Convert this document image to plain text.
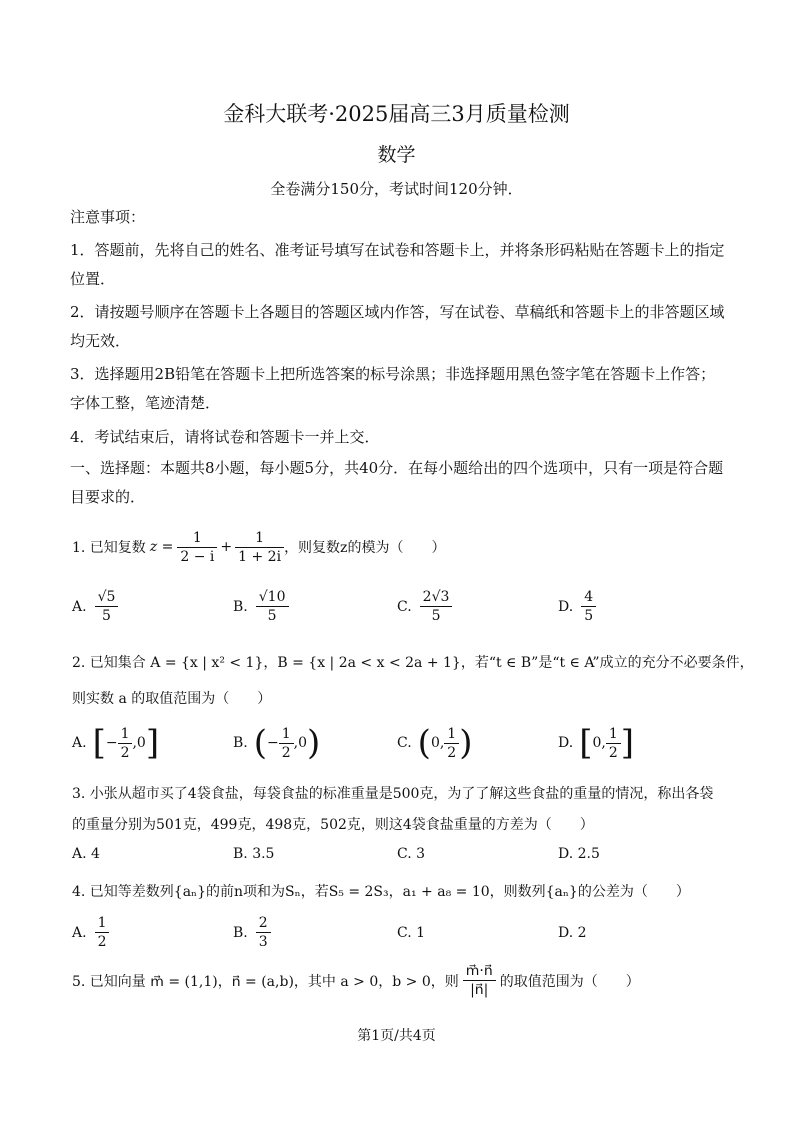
金科大联考·2025届高三3月质量检测
数学
全卷满分150分，考试时间120分钟．
注意事项：
1．答题前，先将自己的姓名、准考证号填写在试卷和答题卡上，并将条形码粘贴在答题卡上的指定位置．
2．请按题号顺序在答题卡上各题目的答题区域内作答，写在试卷、草稿纸和答题卡上的非答题区域均无效．
3．选择题用2B铅笔在答题卡上把所选答案的标号涂黑；非选择题用黑色签字笔在答题卡上作答；字体工整，笔迹清楚．
4．考试结束后，请将试卷和答题卡一并上交．
一、选择题：本题共8小题，每小题5分，共40分．在每小题给出的四个选项中，只有一项是符合题目要求的．
1. 已知复数 $z = \frac{1}{2 - i} + \frac{1}{1 + 2i}$ ，则复数z的模为（　　）
A. $\frac{√5}{5}$	B. $\frac{√10}{5}$	C. $\frac{2√3}{5}$	D. $\frac{4}{5}$
2. 已知集合 A = {x | x² < 1}，B = {x | 2a < x < 2a + 1}，若“t ∈ B”是“t ∈ A”成立的充分不必要条件，
则实数 a 的取值范围为（　　）
A. [ − $\frac{1}{2} ,0$ ]	B. ( − $\frac{1}{2} ,0$ )	C. ( 0, $\frac{1}{2}$ )	D. [ 0, $\frac{1}{2}$ ]
3. 小张从超市买了4袋食盐，每袋食盐的标准重量是500克，为了了解这些食盐的重量的情况，称出各袋
的重量分别为501克，499克，498克，502克，则这4袋食盐重量的方差为（　　）
A. 4	B. 3.5	C. 3	D. 2.5
4. 已知等差数列{aₙ}的前n项和为Sₙ，若S₅ = 2S₃，a₁ + a₈ = 10，则数列{aₙ}的公差为（　　）
A. $\frac{1}{2}$	B. $\frac{2}{3}$	C. 1	D. 2
5. 已知向量 m⃗ = (1,1)，n⃗ = (a,b)，其中 a > 0，b > 0，则 $\frac{m⃗\cdot n⃗}{|n⃗|}$ 的取值范围为（　　）
第1页/共4页
